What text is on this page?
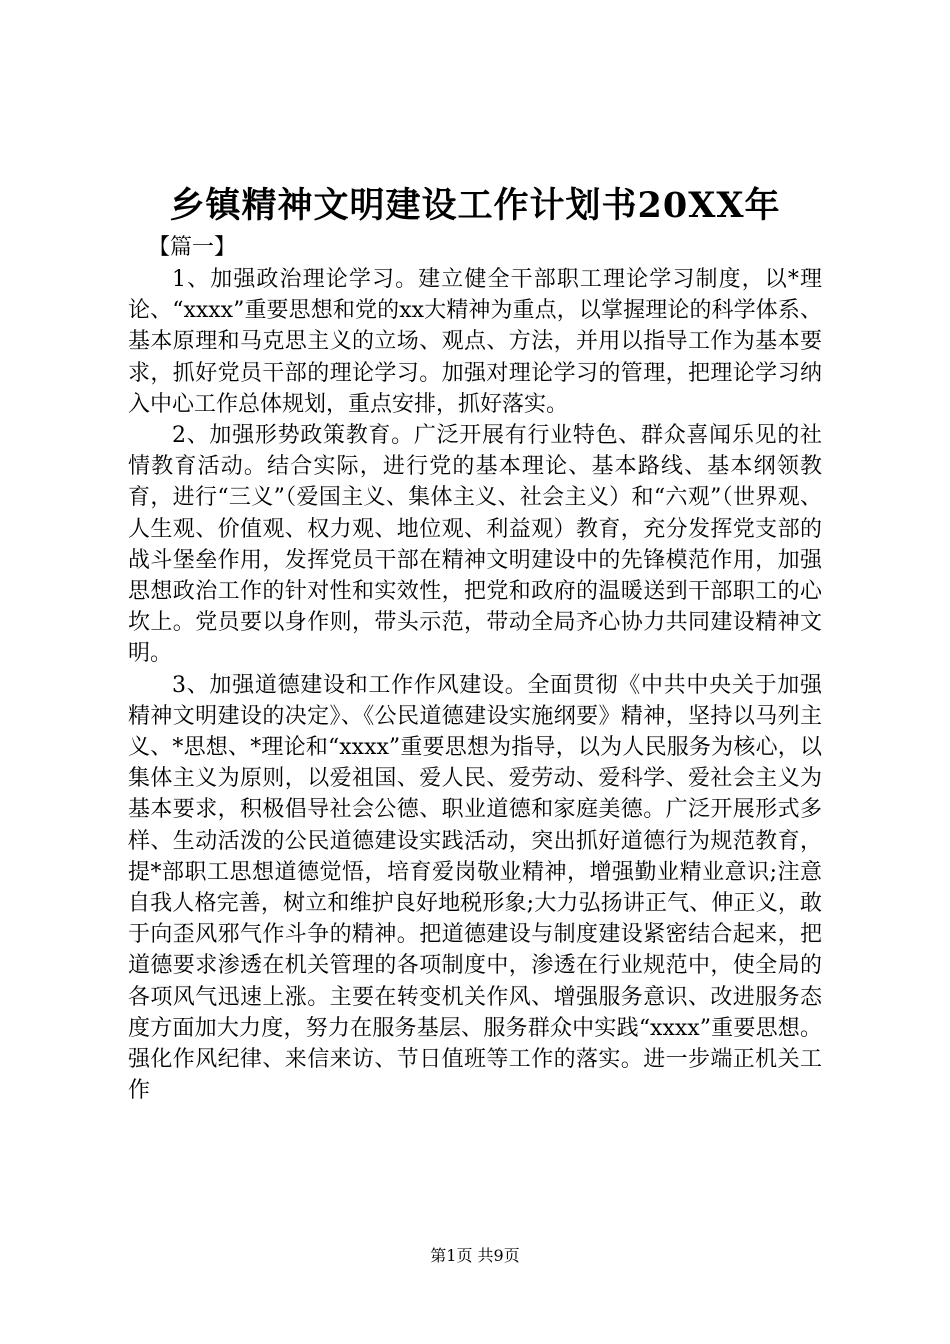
乡镇精神文明建设工作计划书20XX年
【篇一】

1、加强政治理论学习。建立健全干部职工理论学习制度，以*理论、“xxxx”重要思想和党的xx大精神为重点，以掌握理论的科学体系、基本原理和马克思主义的立场、观点、方法，并用以指导工作为基本要求，抓好党员干部的理论学习。加强对理论学习的管理，把理论学习纳入中心工作总体规划，重点安排，抓好落实。

2、加强形势政策教育。广泛开展有行业特色、群众喜闻乐见的社情教育活动。结合实际，进行党的基本理论、基本路线、基本纲领教育，进行“三义”（爱国主义、集体主义、社会主义）和“六观”（世界观、人生观、价值观、权力观、地位观、利益观）教育，充分发挥党支部的战斗堡垒作用，发挥党员干部在精神文明建设中的先锋模范作用，加强思想政治工作的针对性和实效性，把党和政府的温暖送到干部职工的心坎上。党员要以身作则，带头示范，带动全局齐心协力共同建设精神文明。

3、加强道德建设和工作作风建设。全面贯彻《中共中央关于加强精神文明建设的决定》、《公民道德建设实施纲要》精神，坚持以马列主义、*思想、*理论和“xxxx”重要思想为指导，以为人民服务为核心，以集体主义为原则，以爱祖国、爱人民、爱劳动、爱科学、爱社会主义为基本要求，积极倡导社会公德、职业道德和家庭美德。广泛开展形式多样、生动活泼的公民道德建设实践活动，突出抓好道德行为规范教育，提*部职工思想道德觉悟，培育爱岗敬业精神，增强勤业精业意识;注意自我人格完善，树立和维护良好地税形象;大力弘扬讲正气、伸正义，敢于向歪风邪气作斗争的精神。把道德建设与制度建设紧密结合起来，把道德要求渗透在机关管理的各项制度中，渗透在行业规范中，使全局的各项风气迅速上涨。主要在转变机关作风、增强服务意识、改进服务态度方面加大力度，努力在服务基层、服务群众中实践“xxxx”重要思想。强化作风纪律、来信来访、节日值班等工作的落实。进一步端正机关工作

第1页 共9页
